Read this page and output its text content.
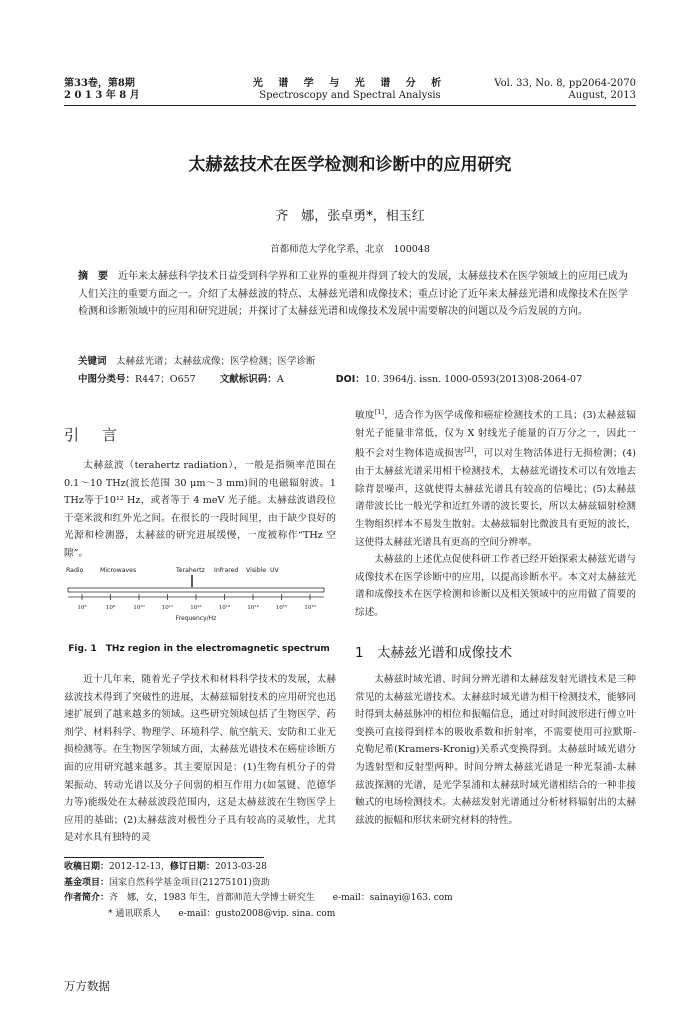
第33卷，第8期
2 0 1 3 年 8 月
光 谱 学 与 光 谱 分 析
Spectroscopy and Spectral Analysis
Vol. 33, No. 8, pp2064-2070
August, 2013
太赫兹技术在医学检测和诊断中的应用研究
齐　娜，张卓勇*，相玉红
首都师范大学化学系，北京　100048
摘　要　 近年来太赫兹科学技术日益受到科学界和工业界的重视并得到了较大的发展，太赫兹技术在医学领域上的应用已成为人们关注的重要方面之一。介绍了太赫兹波的特点、太赫兹光谱和成像技术；重点讨论了近年来太赫兹光谱和成像技术在医学检测和诊断领域中的应用和研究进展；并探讨了太赫兹光谱和成像技术发展中需要解决的问题以及今后发展的方向。
关键词　 太赫兹光谱；太赫兹成像；医学检测；医学诊断
中图分类号：R447；O657	文献标识码：A	DOI：10. 3964/j. issn. 1000-0593(2013)08-2064-07
引　言

太赫兹波（terahertz radiation），一般是指频率范围在0.1～10 THz(波长范围 30 μm～3 mm)间的电磁辐射波。1 THz等于10¹² Hz，或者等于 4 meV 光子能。太赫兹波谱段位于毫米波和红外光之间。在很长的一段时间里，由于缺少良好的光源和检测器，太赫兹的研究进展缓慢，一度被称作“THz 空隙”。

Radio	Microwaves	Terahertz Infrared Visible UV
10⁸	10⁹	10¹⁰	10¹¹	10¹²	10¹³	10¹⁴	10¹⁵	10¹⁶
Frequency/Hz
Fig. 1　THz region in the electromagnetic spectrum

近十几年来，随着光子学技术和材料科学技术的发展，太赫兹波技术得到了突破性的进展，太赫兹辐射技术的应用研究也迅速扩展到了越来越多的领域。这些研究领域包括了生物医学、药剂学、材料科学、物理学、环境科学、航空航天、安防和工业无损检测等。在生物医学领域方面，太赫兹光谱技术在癌症诊断方面的应用研究越来越多。其主要原因是：(1)生物有机分子的骨架振动、转动光谱以及分子间弱的相互作用力(如氢键、范德华力等)能级处在太赫兹波段范围内，这是太赫兹波在生物医学上应用的基础；(2)太赫兹波对极性分子具有较高的灵敏性，尤其是对水具有独特的灵

敏度[1]，适合作为医学成像和癌症检测技术的工具；(3)太赫兹辐射光子能量非常低，仅为 X 射线光子能量的百万分之一，因此一般不会对生物体造成损害[2]，可以对生物活体进行无损检测；(4)由于太赫兹光谱采用相干检测技术，太赫兹光谱技术可以有效地去除背景噪声，这就使得太赫兹光谱具有较高的信噪比；(5)太赫兹谱带波长比一般光学和近红外谱的波长要长，所以太赫兹辐射检测生物组织样本不易发生散射。太赫兹辐射比微波具有更短的波长，这使得太赫兹光谱具有更高的空间分辨率。

太赫兹的上述优点促使科研工作者已经开始探索太赫兹光谱与成像技术在医学诊断中的应用，以提高诊断水平。本文对太赫兹光谱和成像技术在医学检测和诊断以及相关领域中的应用做了简要的综述。

1　太赫兹光谱和成像技术

太赫兹时域光谱、时间分辨光谱和太赫兹发射光谱技术是三种常见的太赫兹光谱技术。太赫兹时域光谱为相干检测技术，能够同时得到太赫兹脉冲的相位和振幅信息，通过对时间波形进行傅立叶变换可直接得到样本的吸收系数和折射率，不需要使用可拉默斯-克勒尼希(Kramers-Kronig)关系式变换得到。太赫兹时域光谱分为透射型和反射型两种。时间分辨太赫兹光谱是一种光泵浦-太赫兹波探测的光谱，是光学泵浦和太赫兹时域光谱相结合的一种非接触式的电场检测技术。太赫兹发射光谱通过分析材料辐射出的太赫兹波的振幅和形状来研究材料的特性。

收稿日期：2012-12-13，修订日期：2013-03-28
基金项目：国家自然科学基金项目(21275101)资助
作者简介：齐　娜，女，1983 年生，首都师范大学博士研究生　　e-mail：sainayi@163. com
* 通讯联系人　　e-mail：gusto2008@vip. sina. com
万方数据
